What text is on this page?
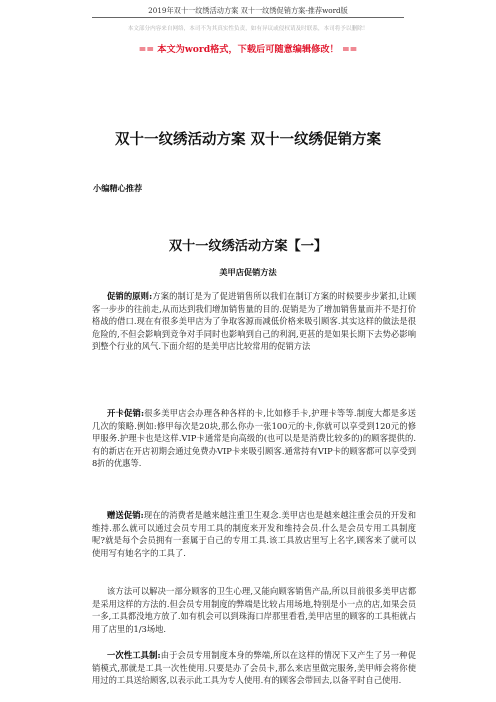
2019年双十一纹绣活动方案 双十一纹绣促销方案-推荐word版
本文部分内容来自网络，本司不为其真实性负责，如有异议或侵权请及时联系，本司将予以删除！
== 本文为word格式，下载后可随意编辑修改！ ==
双十一纹绣活动方案 双十一纹绣促销方案
小编精心推荐
双十一纹绣活动方案【一】
美甲店促销方法

促销的原则:方案的制订是为了促进销售所以我们在制订方案的时候要步步紧扣,让顾客一步步的往前走,从而达到我们增加销售量的目的.促销是为了增加销售量而并不是打价格战的借口.现在有很多美甲店为了争取客源而减低价格来吸引顾客.其实这样的做法是很危险的,不但会影响到竞争对手同时也影响到自己的利润,更甚的是如果长期下去势必影响到整个行业的风气.下面介绍的是美甲店比较常用的促销方法

开卡促销:很多美甲店会办理各种各样的卡,比如修手卡,护理卡等等.制度大都是多送几次的策略.例如:修甲每次是20块,那么你办一张100元的卡,你就可以享受到120元的修甲服务.护理卡也是这样.VIP卡通常是向高级的(也可以是是消费比较多的)的顾客提供的.有的新店在开店初期会通过免费办VIP卡来吸引顾客.通常持有VIP卡的顾客都可以享受到8折的优惠等.

赠送促销:现在的消费者是越来越注重卫生观念.美甲店也是越来越注重会员的开发和维持.那么就可以通过会员专用工具的制度来开发和维持会员.什么是会员专用工具制度呢?就是每个会员拥有一套属于自己的专用工具.该工具放店里写上名字,顾客来了就可以使用写有她名字的工具了.

该方法可以解决一部分顾客的卫生心理,又能向顾客销售产品,所以目前很多美甲店都是采用这样的方法的.但会员专用制度的弊端是比较占用场地,特别是小一点的店,如果会员一多,工具都没地方放了.如有机会可以到珠海口岸那里看看,美甲店里的顾客的工具柜就占用了店里的1/3场地.

一次性工具制:由于会员专用制度本身的弊端,所以在这样的情况下又产生了另一种促销模式,那就是工具一次性使用.只要是办了会员卡,那么来店里做完服务,美甲师会将你使用过的工具送给顾客,以表示此工具为专人使用.有的顾客会带回去,以备平时自己使用.
